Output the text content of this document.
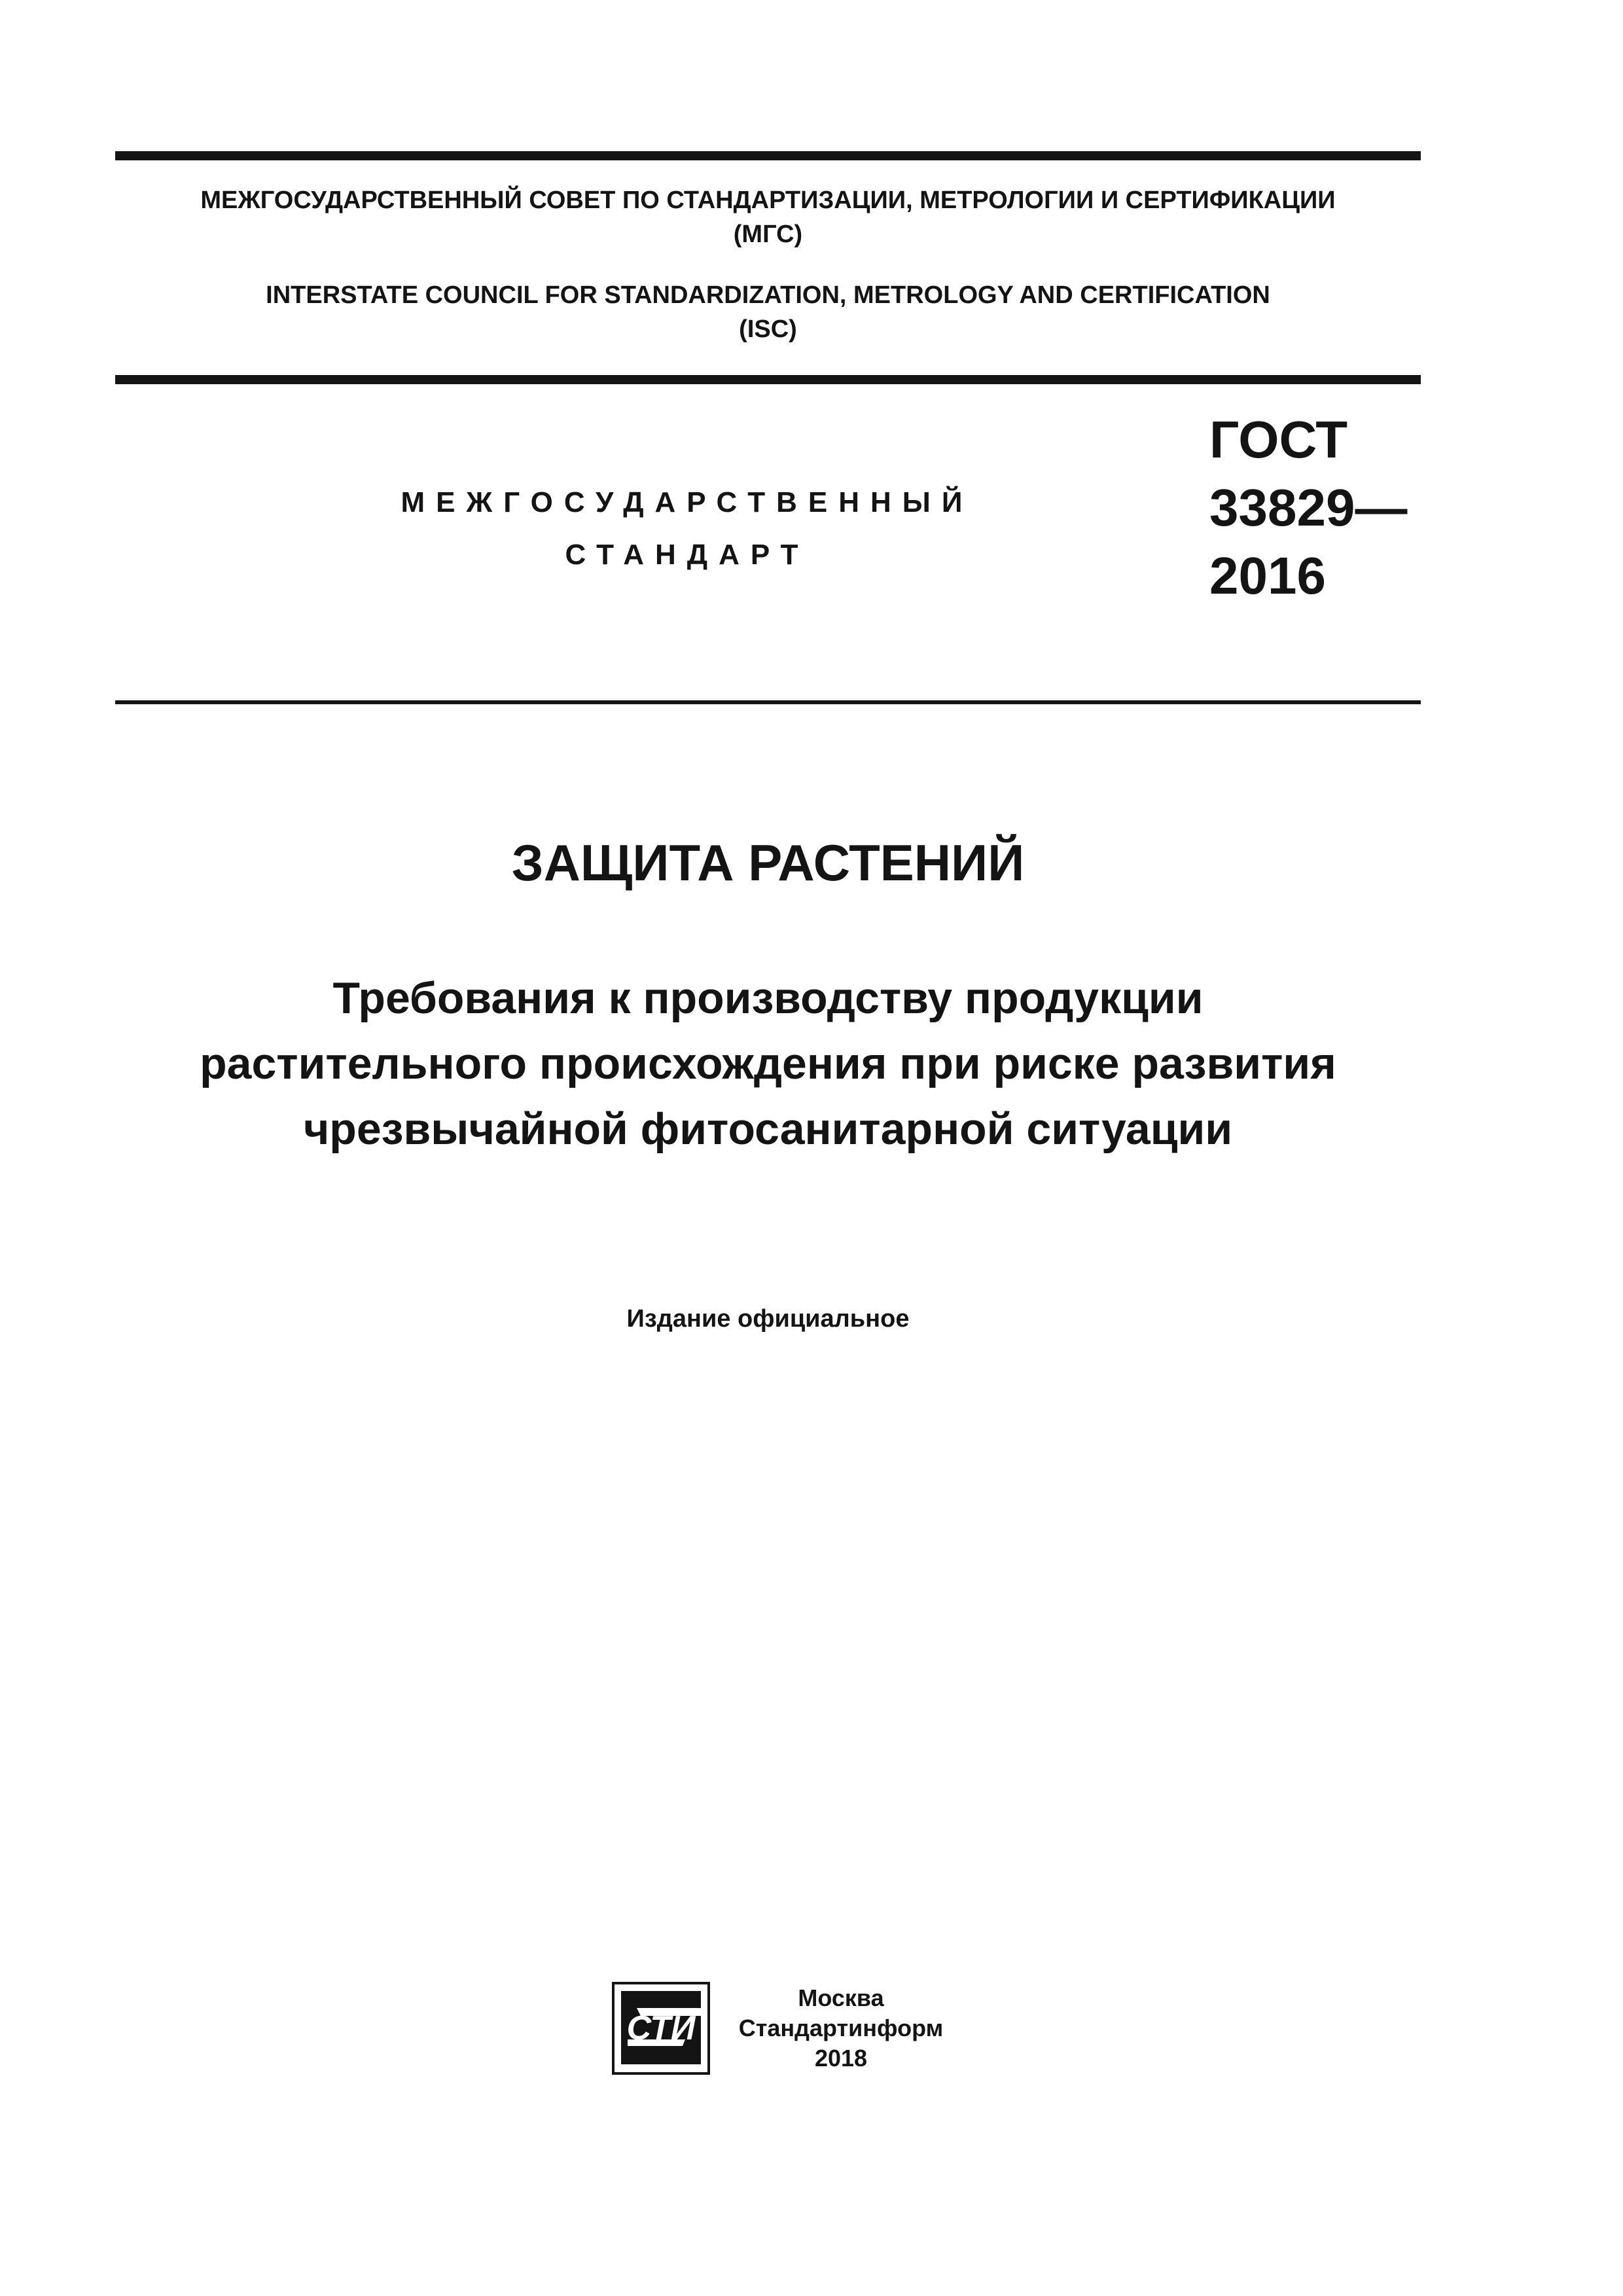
МЕЖГОСУДАРСТВЕННЫЙ СОВЕТ ПО СТАНДАРТИЗАЦИИ, МЕТРОЛОГИИ И СЕРТИФИКАЦИИ
(МГС)
INTERSTATE COUNCIL FOR STANDARDIZATION, METROLOGY AND CERTIFICATION
(ISC)
МЕЖГОСУДАРСТВЕННЫЙ
СТАНДАРТ
ГОСТ
33829—
2016
ЗАЩИТА РАСТЕНИЙ
Требования к производству продукции
растительного происхождения при риске развития
чрезвычайной фитосанитарной ситуации
Издание официальное
СТИ
Москва
Стандартинформ
2018
